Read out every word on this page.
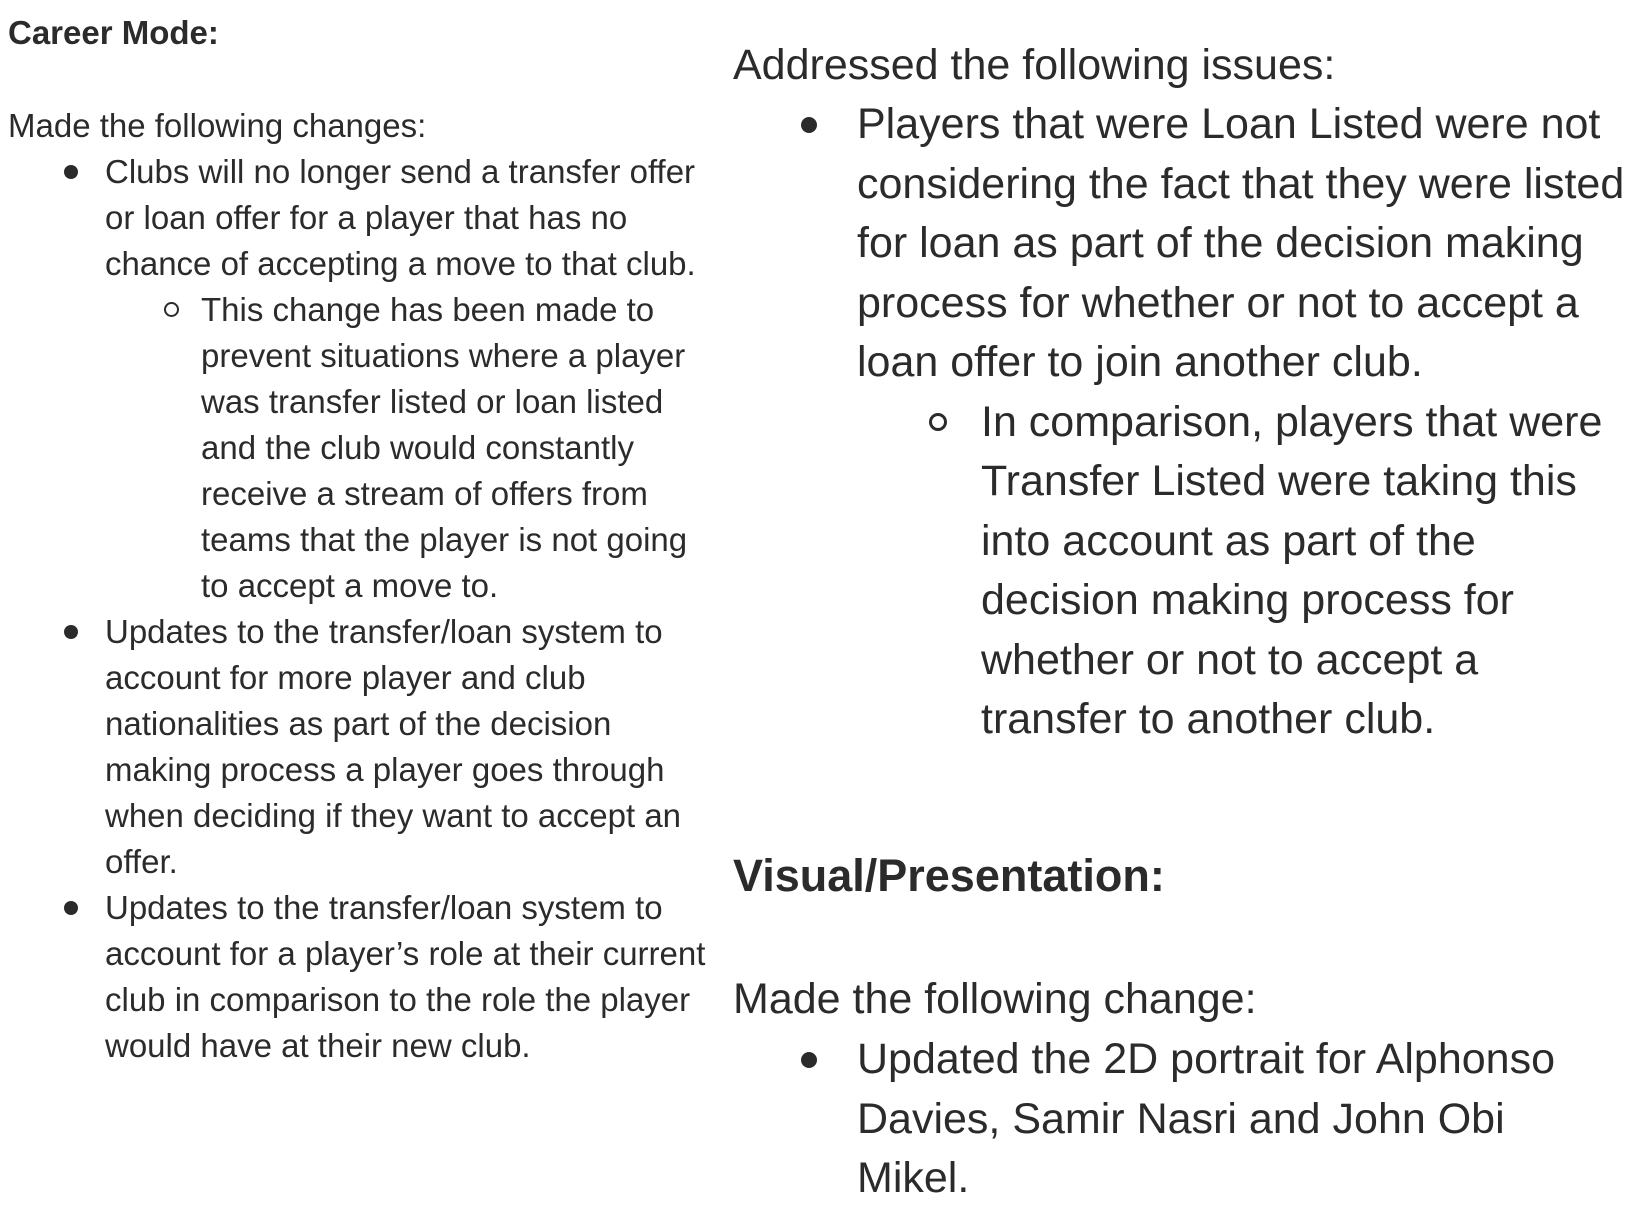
Career Mode:

Made the following changes:

Clubs will no longer send a transfer offer or loan offer for a player that has no chance of accepting a move to that club.
This change has been made to prevent situations where a player was transfer listed or loan listed and the club would constantly receive a stream of offers from teams that the player is not going to accept a move to.
Updates to the transfer/loan system to account for more player and club nationalities as part of the decision making process a player goes through when deciding if they want to accept an offer.
Updates to the transfer/loan system to account for a player’s role at their current club in comparison to the role the player would have at their new club.

Addressed the following issues:

Players that were Loan Listed were not considering the fact that they were listed for loan as part of the decision making process for whether or not to accept a loan offer to join another club.
In comparison, players that were Transfer Listed were taking this into account as part of the decision making process for whether or not to accept a transfer to another club.
Visual/Presentation:

Made the following change:

Updated the 2D portrait for Alphonso Davies, Samir Nasri and John Obi Mikel.
